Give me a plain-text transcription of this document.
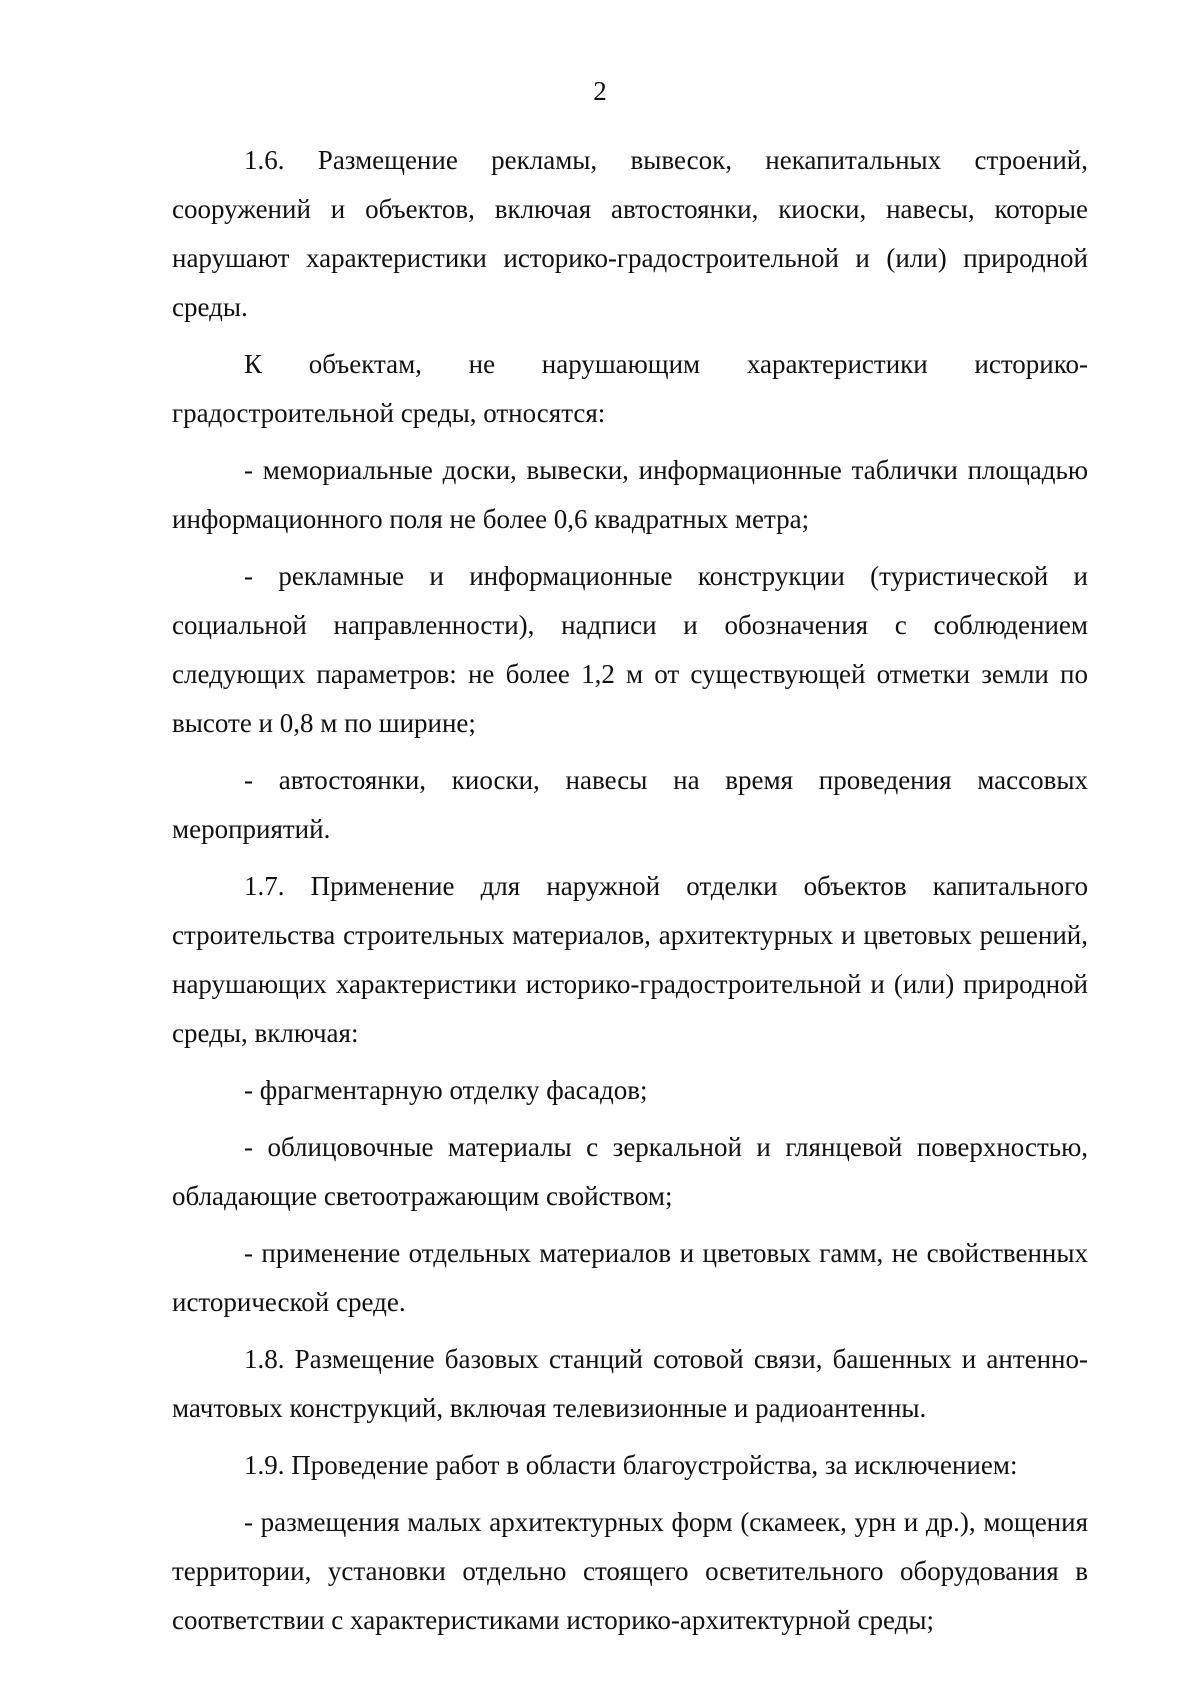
2

1.6. Размещение рекламы, вывесок, некапитальных строений, сооружений и объектов, включая автостоянки, киоски, навесы, которые нарушают характеристики историко-градостроительной и (или) природной среды.

К объектам, не нарушающим характеристики историко-градостроительной среды, относятся:

- мемориальные доски, вывески, информационные таблички площадью информационного поля не более 0,6 квадратных метра;

- рекламные и информационные конструкции (туристической и социальной направленности), надписи и обозначения с соблюдением следующих параметров: не более 1,2 м от существующей отметки земли по высоте и 0,8 м по ширине;

- автостоянки, киоски, навесы на время проведения массовых мероприятий.

1.7. Применение для наружной отделки объектов капитального строительства строительных материалов, архитектурных и цветовых решений, нарушающих характеристики историко-градостроительной и (или) природной среды, включая:

- фрагментарную отделку фасадов;

- облицовочные материалы с зеркальной и глянцевой поверхностью, обладающие светоотражающим свойством;

- применение отдельных материалов и цветовых гамм, не свойственных исторической среде.

1.8. Размещение базовых станций сотовой связи, башенных и антенно-мачтовых конструкций, включая телевизионные и радиоантенны.

1.9. Проведение работ в области благоустройства, за исключением:

- размещения малых архитектурных форм (скамеек, урн и др.), мощения территории, установки отдельно стоящего осветительного оборудования в соответствии с характеристиками историко-архитектурной среды;
